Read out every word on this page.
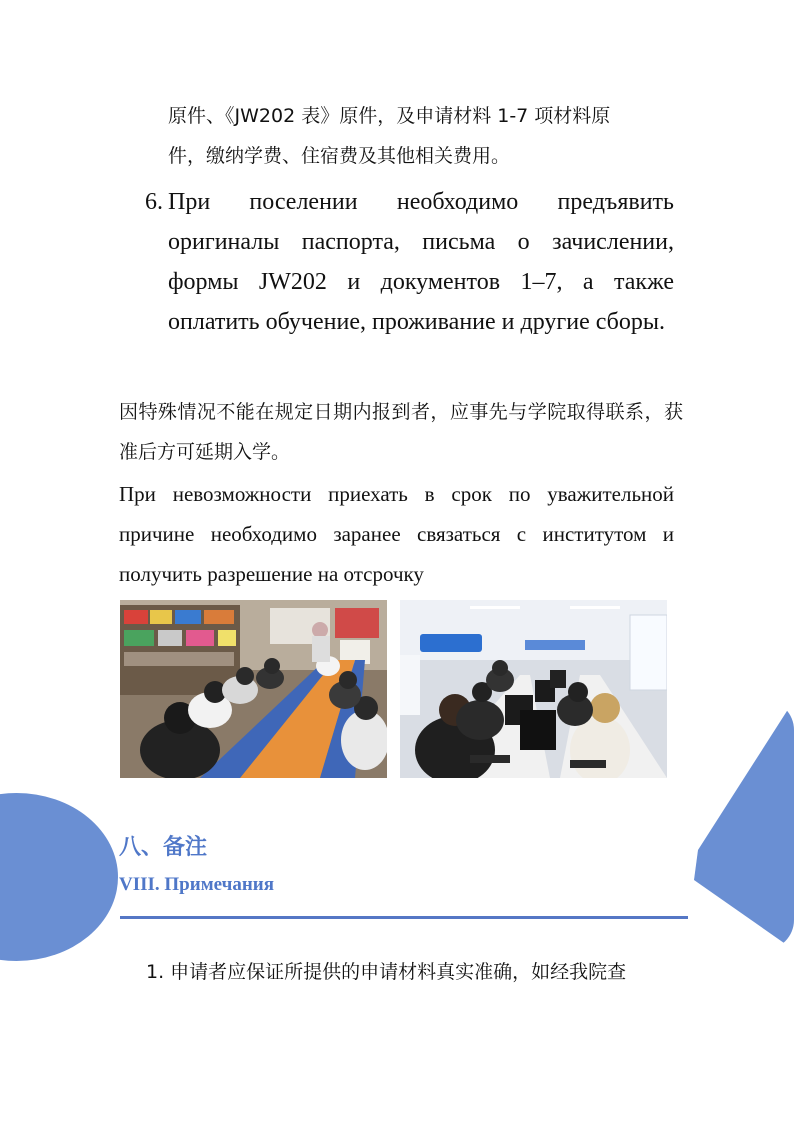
原件、《JW202 表》原件，及申请材料 1-7 项材料原

件，缴纳学费、住宿费及其他相关费用。

6. При поселении необходимо предъявить оригиналы паспорта, письма о зачислении, формы JW202 и документов 1–7, а также оплатить обучение, проживание и другие сборы.

因特殊情况不能在规定日期内报到者，应事先与学院取得联系，获准后方可延期入学。

При невозможности приехать в срок по уважительной причине необходимо заранее связаться с институтом и получить разрешение на отсрочку

八、备注
VIII. Примечания

1. 申请者应保证所提供的申请材料真实准确，如经我院查
